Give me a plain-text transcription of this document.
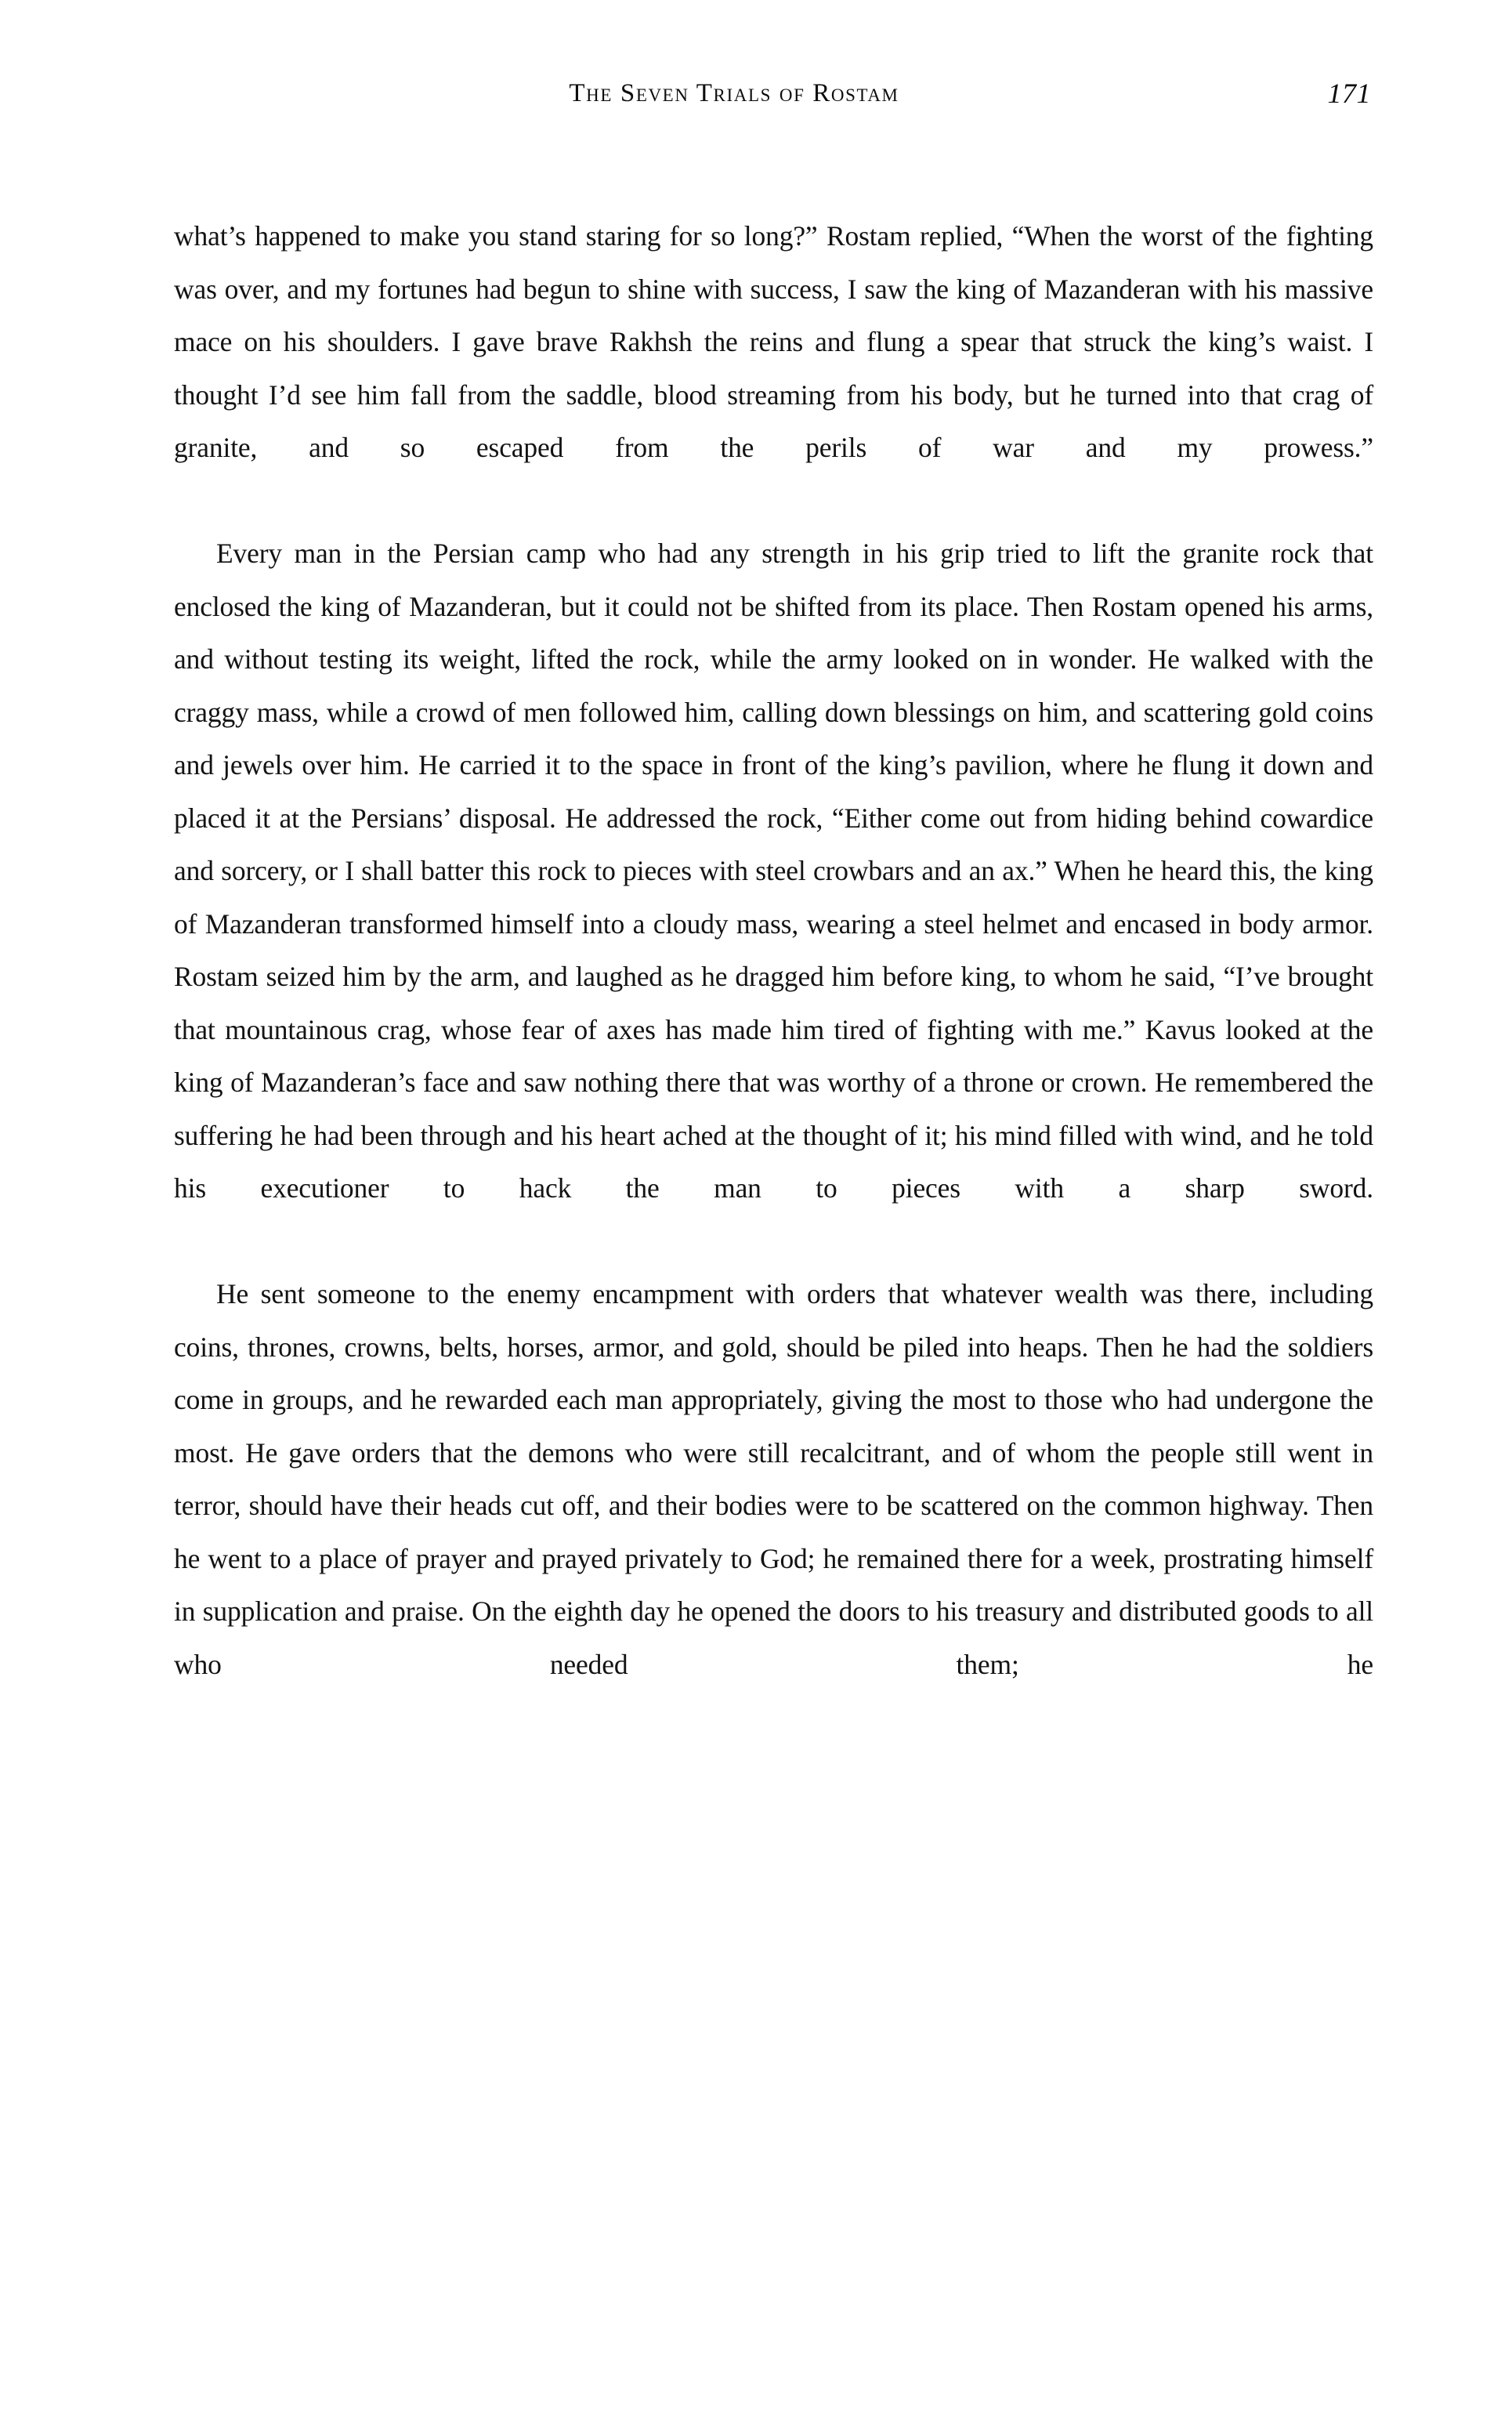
The Seven Trials of Rostam	171

what’s happened to make you stand staring for so long?” Rostam replied, “When the worst of the fighting was over, and my fortunes had begun to shine with success, I saw the king of Mazanderan with his massive mace on his shoulders. I gave brave Rakhsh the reins and flung a spear that struck the king’s waist. I thought I’d see him fall from the saddle, blood streaming from his body, but he turned into that crag of granite, and so escaped from the perils of war and my prowess.”

Every man in the Persian camp who had any strength in his grip tried to lift the granite rock that enclosed the king of Mazanderan, but it could not be shifted from its place. Then Rostam opened his arms, and without testing its weight, lifted the rock, while the army looked on in wonder. He walked with the craggy mass, while a crowd of men followed him, calling down blessings on him, and scattering gold coins and jewels over him. He carried it to the space in front of the king’s pavilion, where he flung it down and placed it at the Persians’ disposal. He addressed the rock, “Either come out from hiding behind cowardice and sorcery, or I shall batter this rock to pieces with steel crowbars and an ax.” When he heard this, the king of Mazanderan transformed himself into a cloudy mass, wearing a steel helmet and encased in body armor. Rostam seized him by the arm, and laughed as he dragged him before king, to whom he said, “I’ve brought that mountainous crag, whose fear of axes has made him tired of fighting with me.” Kavus looked at the king of Mazanderan’s face and saw nothing there that was worthy of a throne or crown. He remembered the suffering he had been through and his heart ached at the thought of it; his mind filled with wind, and he told his executioner to hack the man to pieces with a sharp sword.

He sent someone to the enemy encampment with orders that whatever wealth was there, including coins, thrones, crowns, belts, horses, armor, and gold, should be piled into heaps. Then he had the soldiers come in groups, and he rewarded each man appropriately, giving the most to those who had undergone the most. He gave orders that the demons who were still recalcitrant, and of whom the people still went in terror, should have their heads cut off, and their bodies were to be scattered on the common highway. Then he went to a place of prayer and prayed privately to God; he remained there for a week, prostrating himself in supplication and praise. On the eighth day he opened the doors to his treasury and distributed goods to all who needed them; he
